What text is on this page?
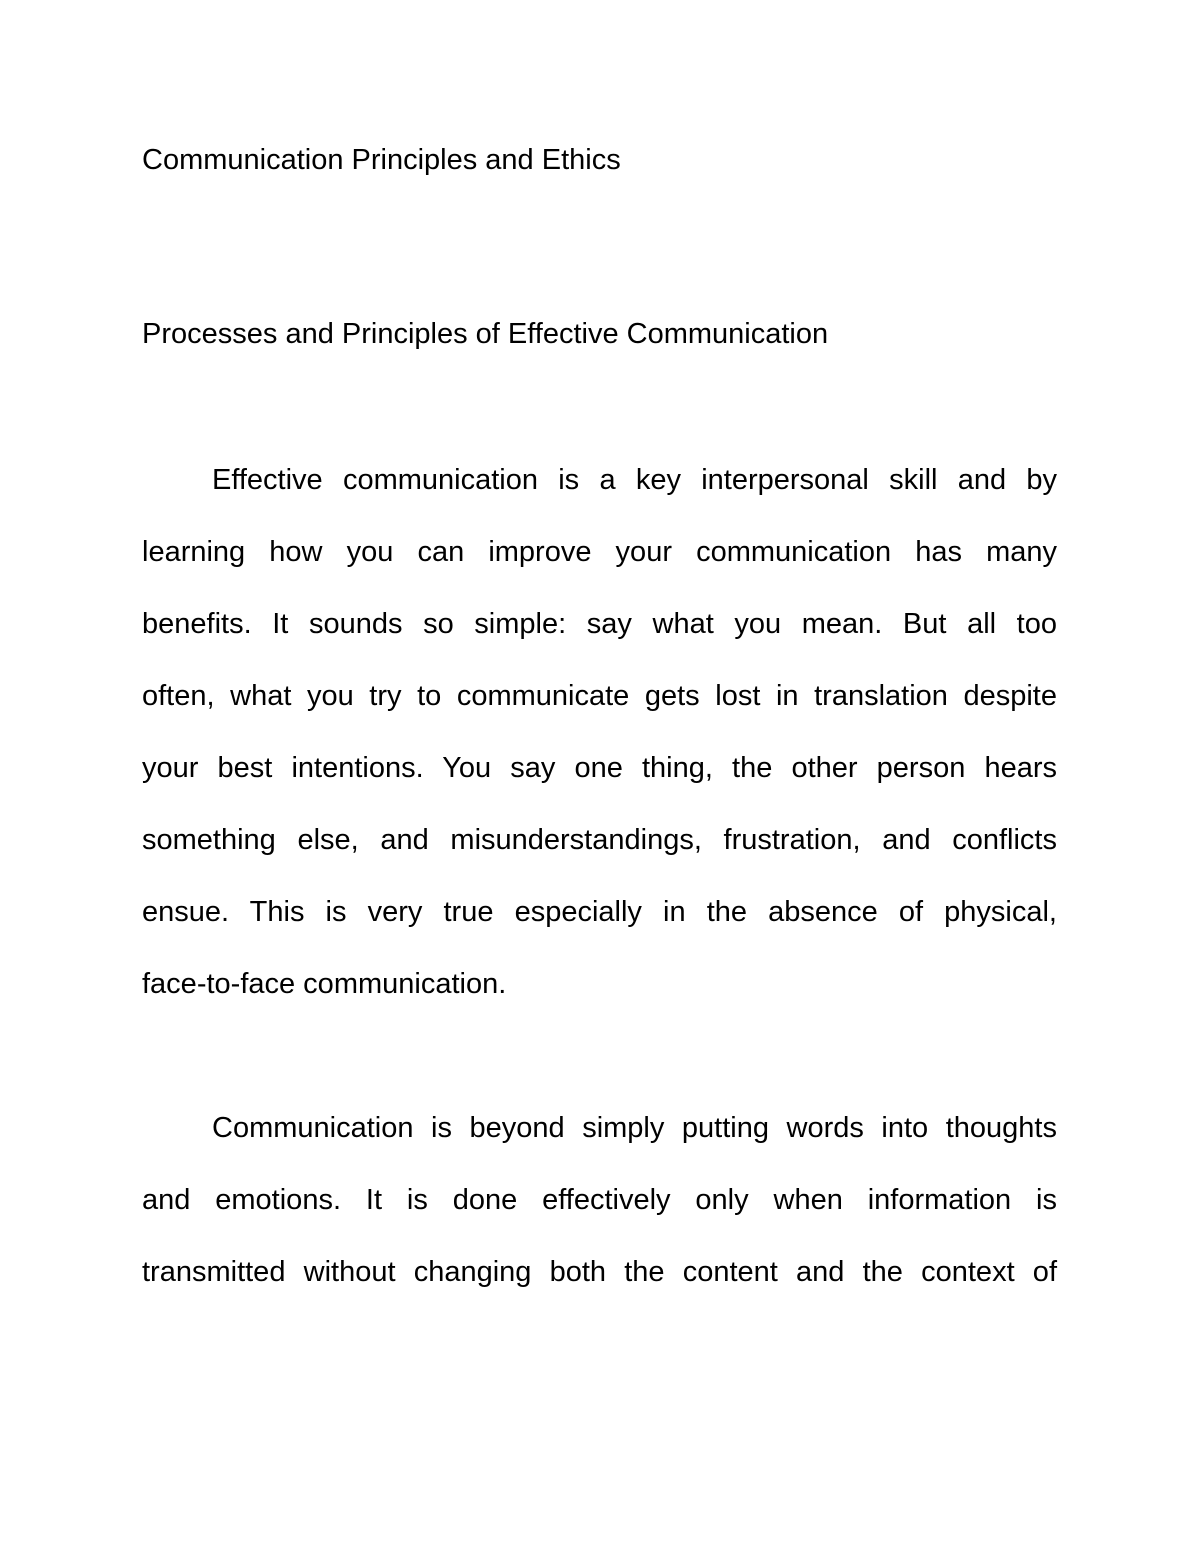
Communication Principles and Ethics
Processes and Principles of Effective Communication
Effective communication is a key interpersonal skill and by
learning how you can improve your communication has many
benefits. It sounds so simple: say what you mean. But all too
often, what you try to communicate gets lost in translation despite
your best intentions. You say one thing, the other person hears
something else, and misunderstandings, frustration, and conflicts
ensue. This is very true especially in the absence of physical,
face-to-face communication.
Communication is beyond simply putting words into thoughts
and emotions. It is done effectively only when information is
transmitted without changing both the content and the context of
